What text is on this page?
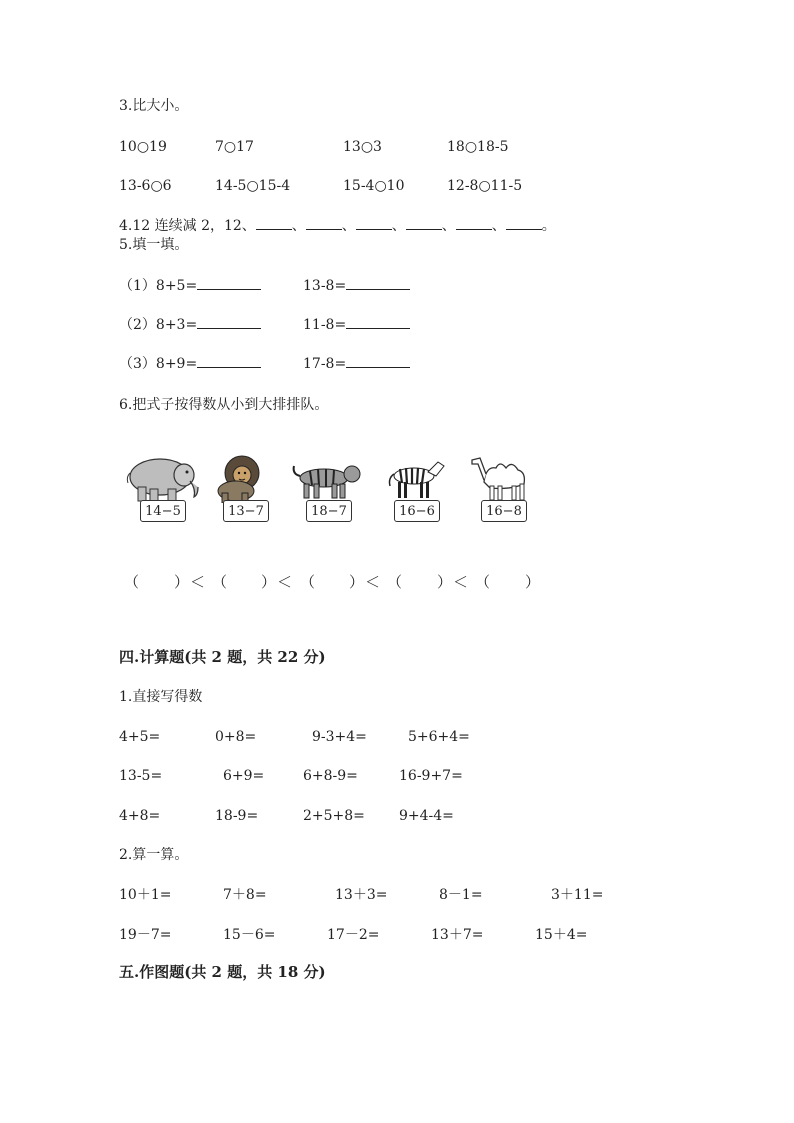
3.比大小。
10○19	7○17	13○3	18○18-5
13-6○6	14-5○15-4	15-4○10	12-8○11-5
4.12 连续减 2，12、	、	、	、	、	、	。
5.填一填。
（1）8+5=	13-8=
（2）8+3=	11-8=
（3）8+9=	17-8=
6.把式子按得数从小到大排排队。
14−5	13−7	18−7	16−6	16−8
（ ） ＜ （ ） ＜ （ ） ＜ （ ） ＜ （ ）
四.计算题(共 2 题，共 22 分)
1.直接写得数
4+5=	0+8=	9-3+4=	5+6+4=
13-5=	6+9=	6+8-9=	16-9+7=
4+8=	18-9=	2+5+8= 9+4-4=
2.算一算。
10＋1=	7＋8=	13＋3=	8－1=	3＋11=
19－7=	15－6=	17－2=	13＋7=	15＋4=
五.作图题(共 2 题，共 18 分)
